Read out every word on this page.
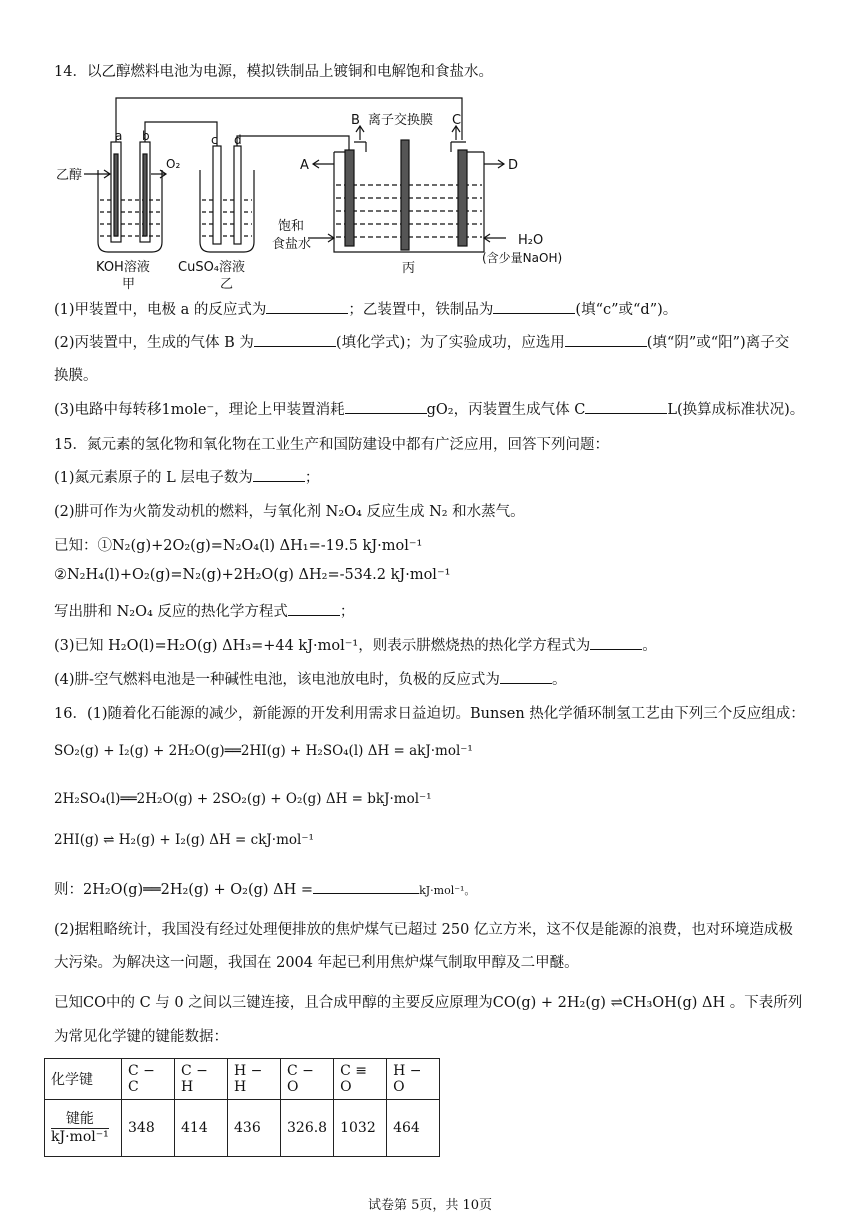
14．以乙醇燃料电池为电源，模拟铁制品上镀铜和电解饱和食盐水。
乙醇
O₂
a b	c d
B	C
A	D
离子交换膜
KOH溶液
甲
CuSO₄溶液
乙
饱和
食盐水	H₂O
(含少量NaOH)
丙
(1)甲装置中，电极 a 的反应式为	；乙装置中，铁制品为	(填“c”或“d”)。
(2)丙装置中，生成的气体 B 为	(填化学式)；为了实验成功，应选用	(填“阴”或“阳”)离子交
换膜。
(3)电路中每转移1mole⁻，理论上甲装置消耗	gO₂，丙装置生成气体 C	L(换算成标准状况)。
15．氮元素的氢化物和氧化物在工业生产和国防建设中都有广泛应用，回答下列问题：
(1)氮元素原子的 L 层电子数为	；
(2)肼可作为火箭发动机的燃料，与氧化剂 N₂O₄ 反应生成 N₂ 和水蒸气。
已知：①N₂(g)+2O₂(g)=N₂O₄(l) ΔH₁=-19.5 kJ·mol⁻¹
②N₂H₄(l)+O₂(g)=N₂(g)+2H₂O(g) ΔH₂=-534.2 kJ·mol⁻¹
写出肼和 N₂O₄ 反应的热化学方程式	；
(3)已知 H₂O(l)=H₂O(g) ΔH₃=+44 kJ·mol⁻¹，则表示肼燃烧热的热化学方程式为	。
(4)肼-空气燃料电池是一种碱性电池，该电池放电时，负极的反应式为	。
16．(1)随着化石能源的减少，新能源的开发利用需求日益迫切。Bunsen 热化学循环制氢工艺由下列三个反应组成：
SO₂(g) + I₂(g) + 2H₂O(g)══2HI(g) + H₂SO₄(l) ΔH = akJ·mol⁻¹
2H₂SO₄(l)══2H₂O(g) + 2SO₂(g) + O₂(g) ΔH = bkJ·mol⁻¹
2HI(g) ⇌ H₂(g) + I₂(g) ΔH = ckJ·mol⁻¹
则：2H₂O(g)══2H₂(g) + O₂(g) ΔH =	kJ·mol⁻¹。
(2)据粗略统计，我国没有经过处理便排放的焦炉煤气已超过 250 亿立方米，这不仅是能源的浪费，也对环境造成极
大污染。为解决这一问题，我国在 2004 年起已利用焦炉煤气制取甲醇及二甲醚。
已知CO中的 C 与 0 之间以三键连接，且合成甲醇的主要反应原理为CO(g) + 2H₂(g) ⇌CH₃OH(g) ΔH 。下表所列
为常见化学键的键能数据：
化学键	C − C	C − H	H − H	C − O	C ≡ O	H − O

$\frac{\text{键能}}{\text{kJ·mol⁻¹}}$	348	414	436	326.8	1032	464
试卷第 5页，共 10页
